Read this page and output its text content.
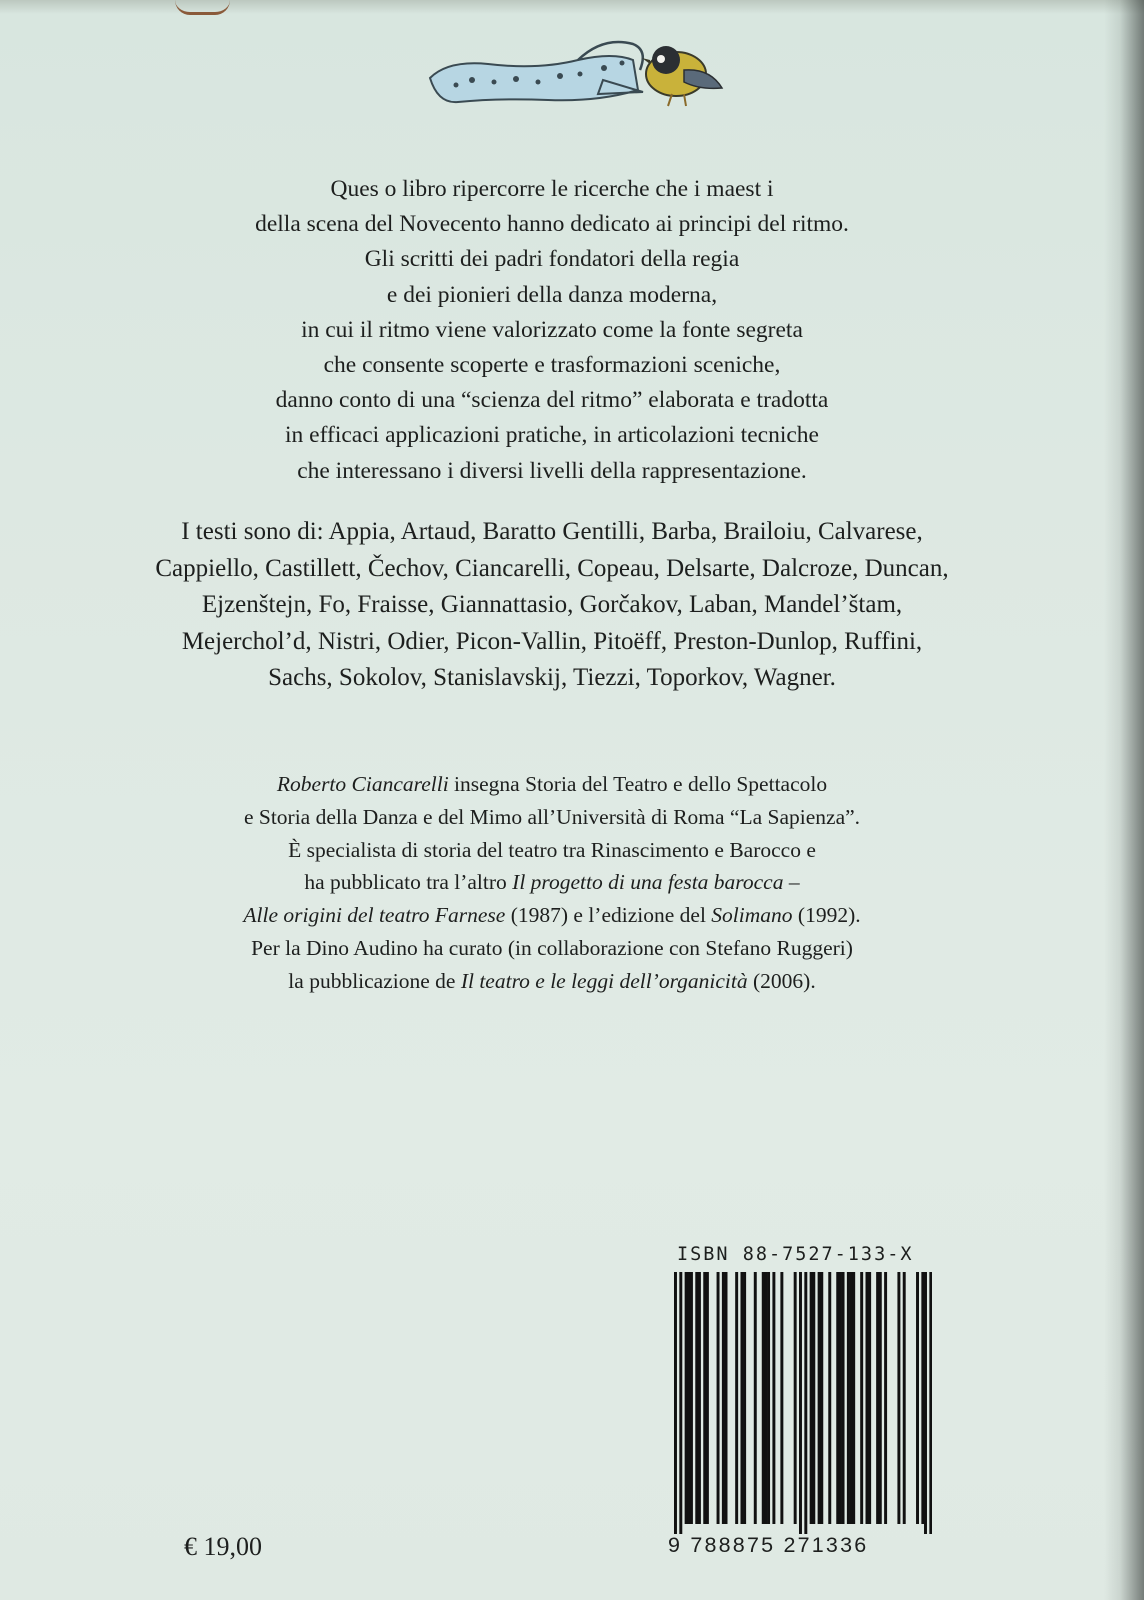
Ques o libro ripercorre le ricerche che i maest i

della scena del Novecento hanno dedicato ai principi del ritmo.

Gli scritti dei padri fondatori della regia

e dei pionieri della danza moderna,

in cui il ritmo viene valorizzato come la fonte segreta

che consente scoperte e trasformazioni sceniche,

danno conto di una “scienza del ritmo” elaborata e tradotta

in efficaci applicazioni pratiche, in articolazioni tecniche

che interessano i diversi livelli della rappresentazione.

I testi sono di: Appia, Artaud, Baratto Gentilli, Barba, Brailoiu, Calvarese,

Cappiello, Castillett, Čechov, Ciancarelli, Copeau, Delsarte, Dalcroze, Duncan,

Ejzenštejn, Fo, Fraisse, Giannattasio, Gorčakov, Laban, Mandel’štam,

Mejerchol’d, Nistri, Odier, Picon-Vallin, Pitoëff, Preston-Dunlop, Ruffini,

Sachs, Sokolov, Stanislavskij, Tiezzi, Toporkov, Wagner.

Roberto Ciancarelli insegna Storia del Teatro e dello Spettacolo

e Storia della Danza e del Mimo all’Università di Roma “La Sapienza”.

È specialista di storia del teatro tra Rinascimento e Barocco e

ha pubblicato tra l’altro Il progetto di una festa barocca –

Alle origini del teatro Farnese (1987) e l’edizione del Solimano (1992).

Per la Dino Audino ha curato (in collaborazione con Stefano Ruggeri)

la pubblicazione de Il teatro e le leggi dell’organicità (2006).

ISBN 88-7527-133-X
9 788875 271336
€ 19,00
